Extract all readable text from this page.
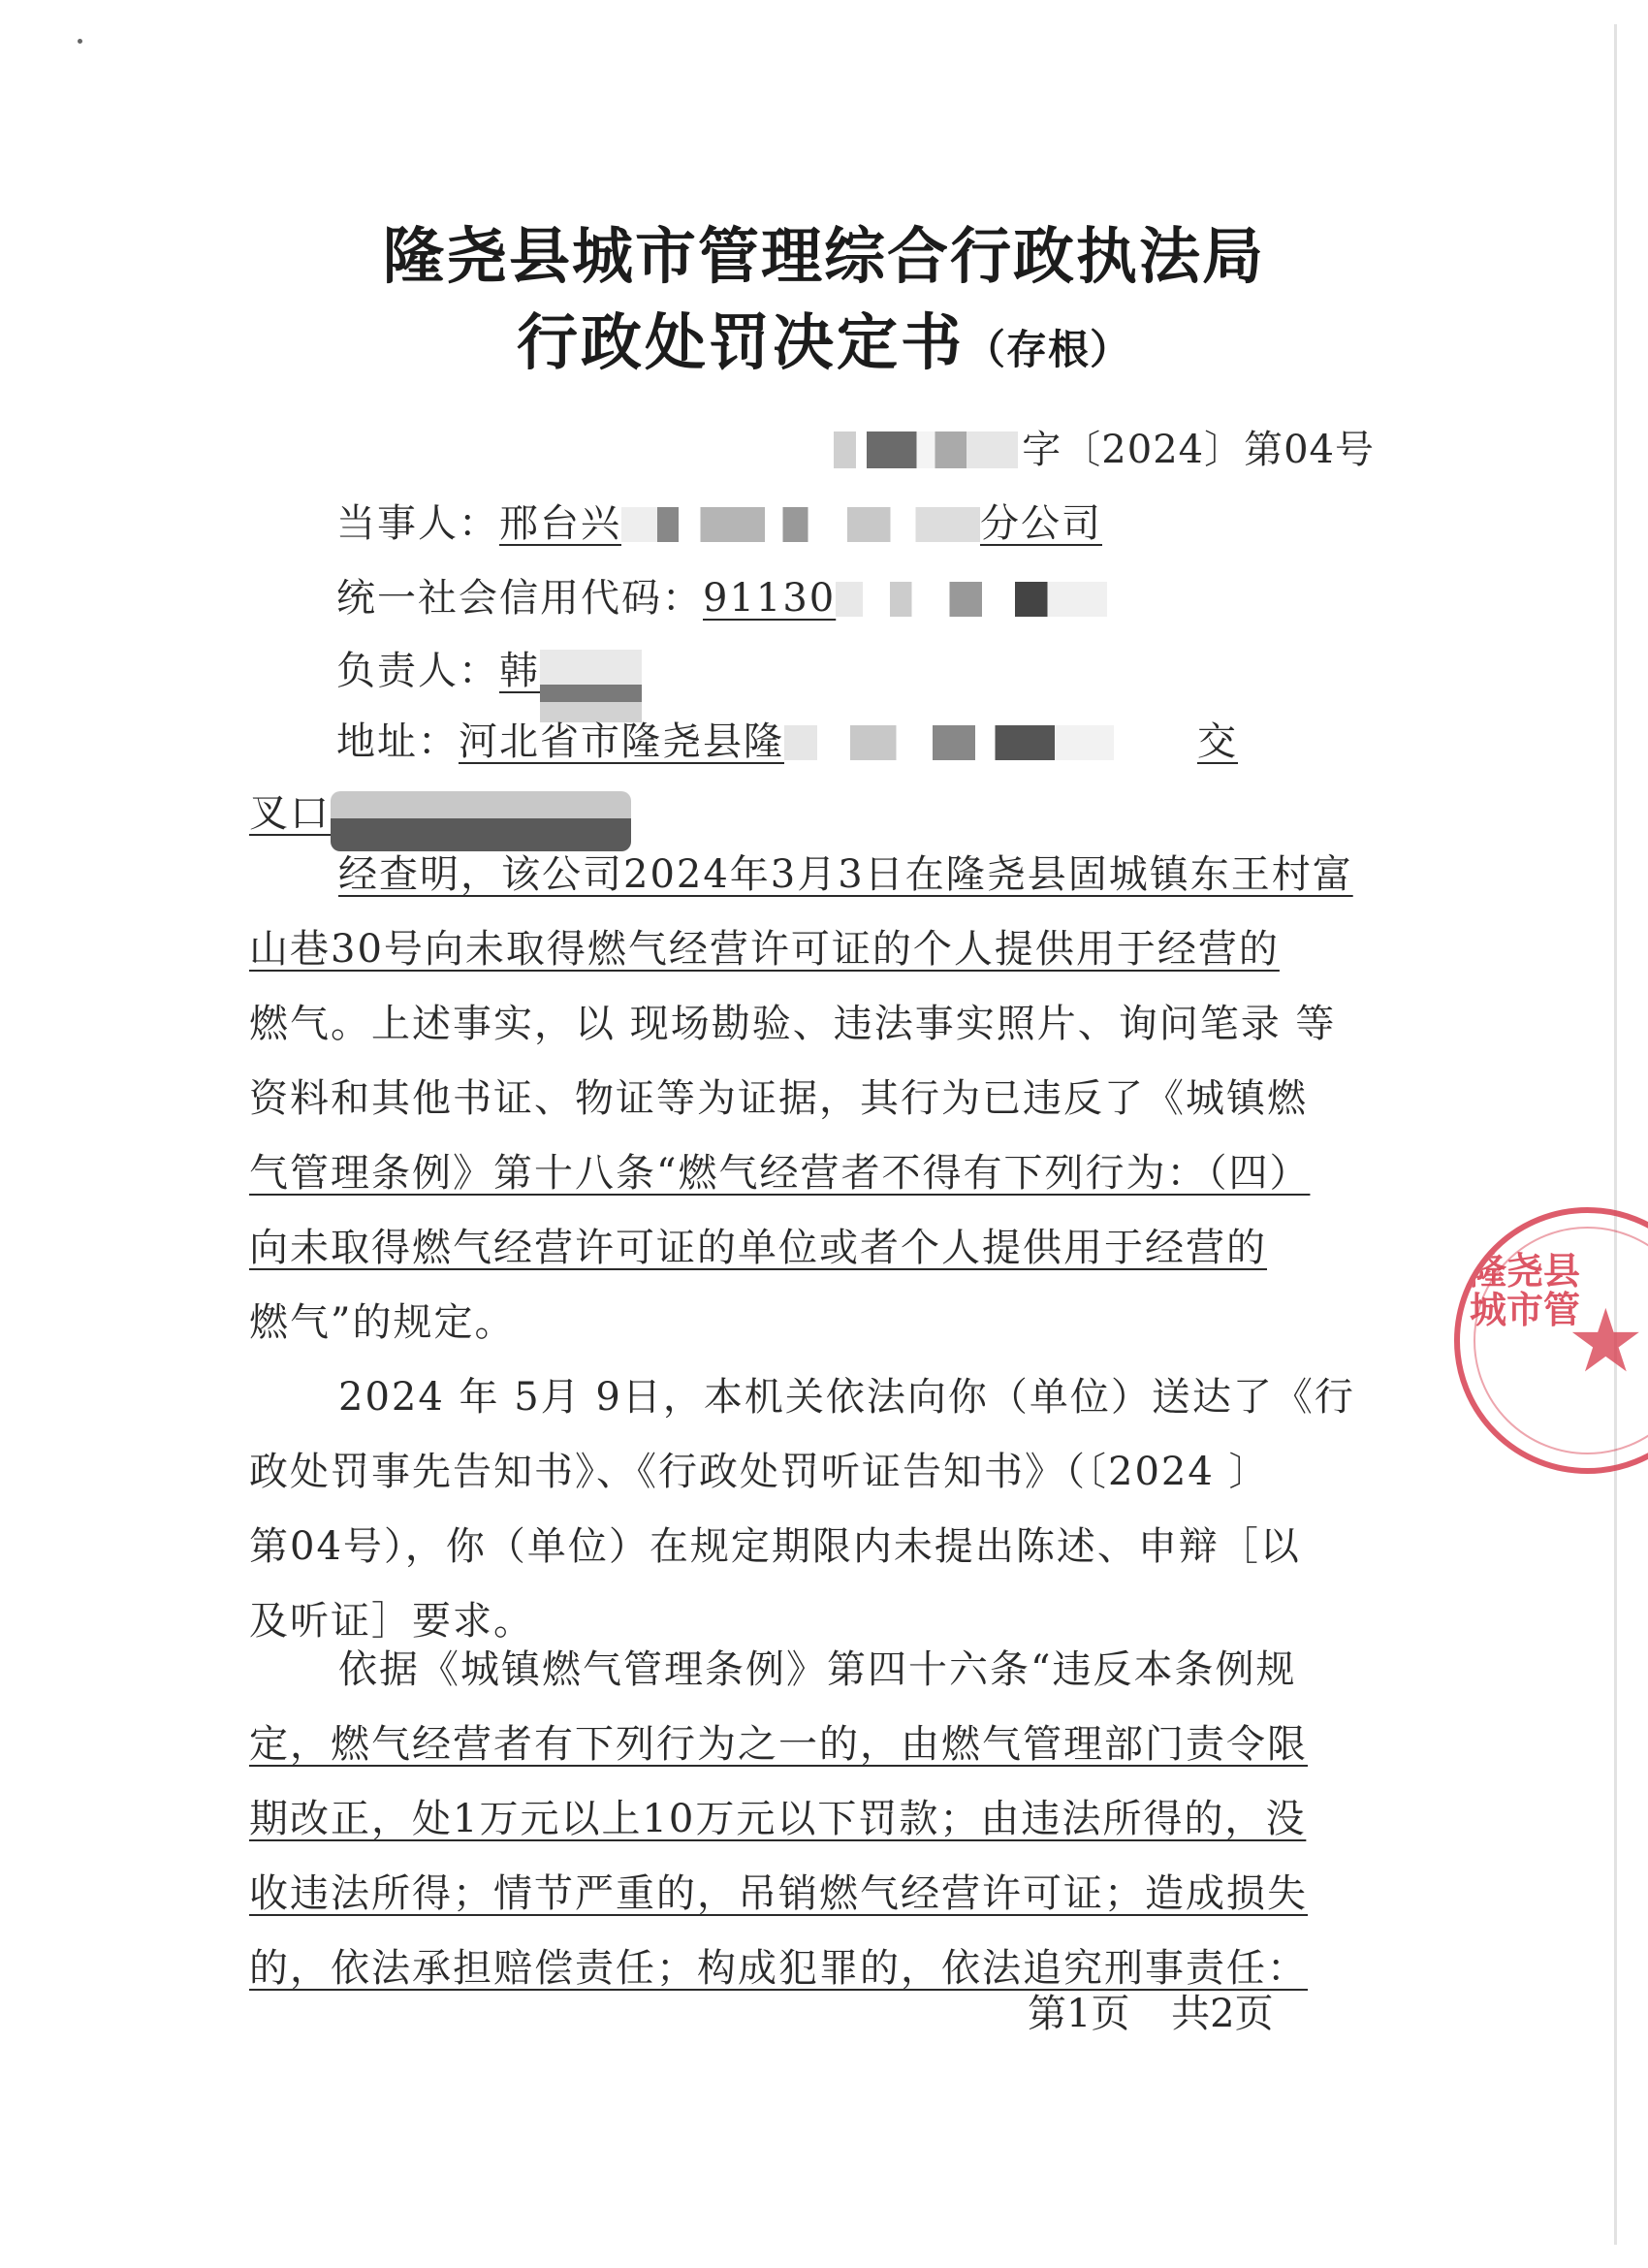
隆尧县城市管理综合行政执法局
行政处罚决定书（存根）
字〔2024〕第04号
当事人：邢台兴	分公司
统一社会信用代码：91130
负责人：韩
地址：河北省市隆尧县隆	交
叉口
经查明，该公司2024年3月3日在隆尧县固城镇东王村富
山巷30号向未取得燃气经营许可证的个人提供用于经营的
燃气。上述事实，以 现场勘验、违法事实照片、询问笔录 等
资料和其他书证、物证等为证据，其行为已违反了《城镇燃
气管理条例》第十八条“燃气经营者不得有下列行为：（四）
向未取得燃气经营许可证的单位或者个人提供用于经营的
燃气”的规定。
2024 年 5月 9日，本机关依法向你（单位）送达了《行
政处罚事先告知书》、《行政处罚听证告知书》（〔2024 〕
第04号），你（单位）在规定期限内未提出陈述、申辩［以
及听证］要求。
依据《城镇燃气管理条例》第四十六条“违反本条例规
定，燃气经营者有下列行为之一的，由燃气管理部门责令限
期改正，处1万元以上10万元以下罚款；由违法所得的，没
收违法所得；情节严重的，吊销燃气经营许可证；造成损失
的，依法承担赔偿责任；构成犯罪的，依法追究刑事责任：
第1页 共2页
隆尧县城市管
★
